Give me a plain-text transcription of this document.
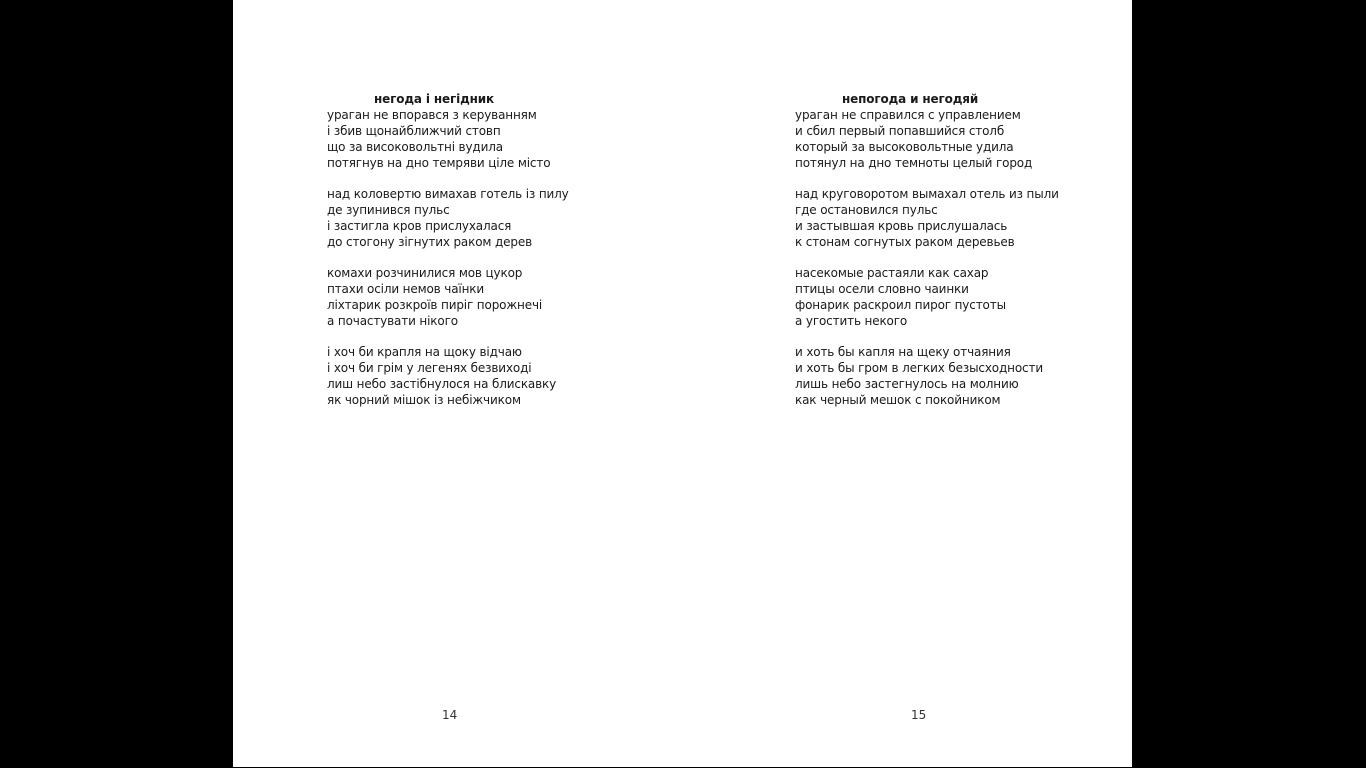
негода і негідник
ураган не впорався з керуванням
і збив щонайближчий стовп
що за високовольтні вудила
потягнув на дно темряви ціле місто
над коловертю вимахав готель із пилу
де зупинився пульс
і застигла кров прислухалася
до стогону зігнутих раком дерев
комахи розчинилися мов цукор
птахи осіли немов чаїнки
ліхтарик розкроїв пиріг порожнечі
а почастувати нікого
і хоч би крапля на щоку відчаю
і хоч би грім у легенях безвиході
лиш небо застібнулося на блискавку
як чорний мішок із небіжчиком
14
непогода и негодяй
ураган не справился с управлением
и сбил первый попавшийся столб
который за высоковольтные удила
потянул на дно темноты целый город
над круговоротом вымахал отель из пыли
где остановился пульс
и застывшая кровь прислушалась
к стонам согнутых раком деревьев
насекомые растаяли как сахар
птицы осели словно чаинки
фонарик раскроил пирог пустоты
а угостить некого
и хоть бы капля на щеку отчаяния
и хоть бы гром в легких безысходности
лишь небо застегнулось на молнию
как черный мешок с покойником
15
